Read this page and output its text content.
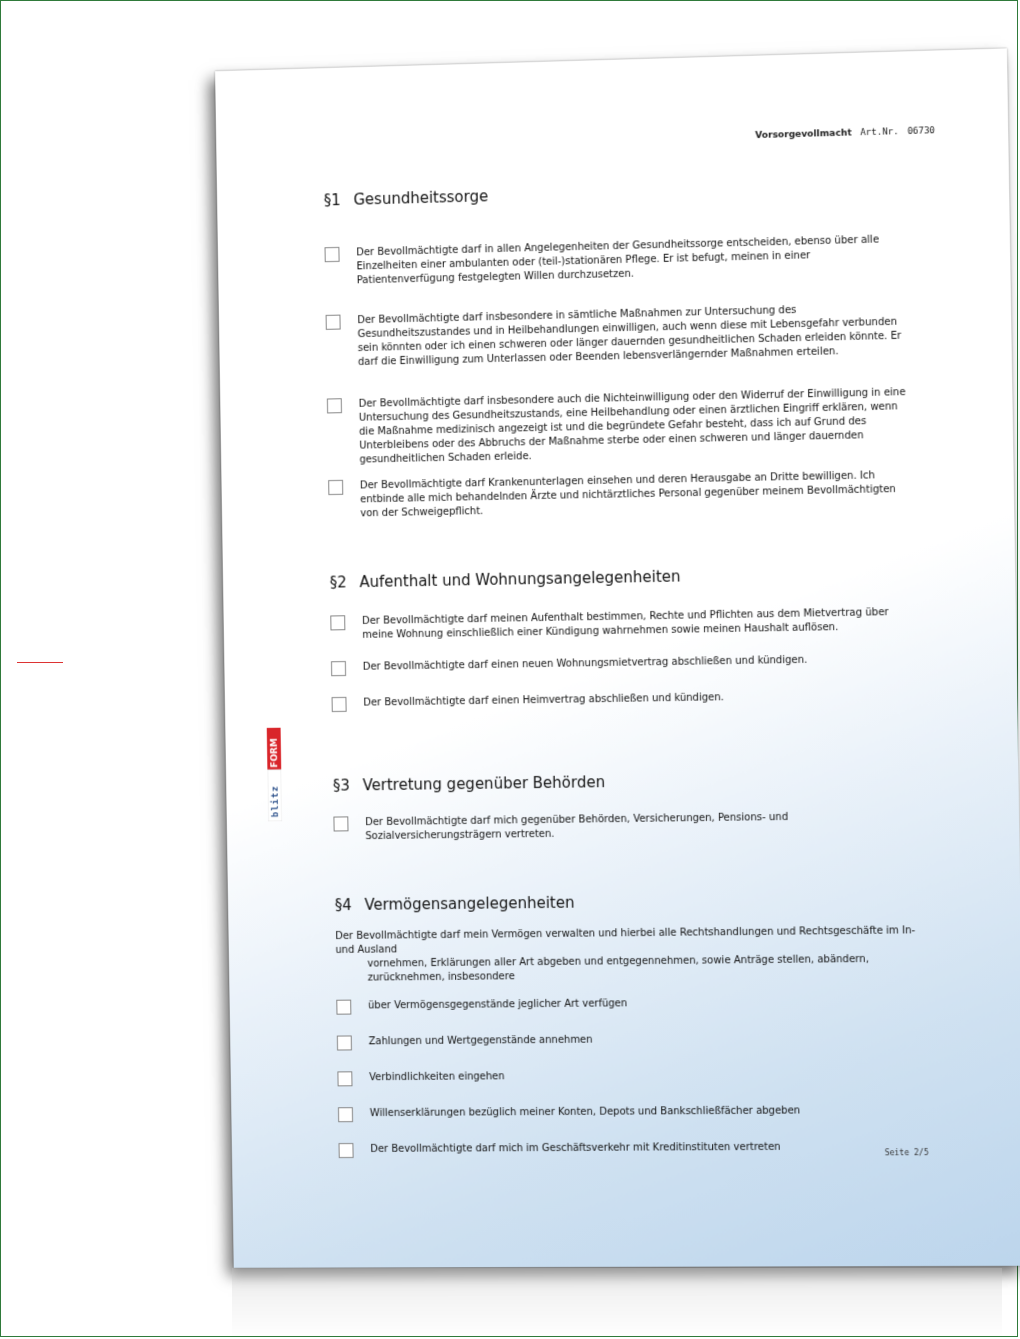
Vorsorgevollmacht Art.Nr. 06730
FORM
blitz
§1 Gesundheitssorge
Der Bevollmächtigte darf in allen Angelegenheiten der Gesundheitssorge entscheiden, ebenso über alle Einzelheiten einer ambulanten oder (teil-)stationären Pflege. Er ist befugt, meinen in einer Patientenverfügung festgelegten Willen durchzusetzen.
Der Bevollmächtigte darf insbesondere in sämtliche Maßnahmen zur Untersuchung des Gesundheitszustandes und in Heilbehandlungen einwilligen, auch wenn diese mit Lebensgefahr verbunden sein könnten oder ich einen schweren oder länger dauernden gesundheitlichen Schaden erleiden könnte. Er darf die Einwilligung zum Unterlassen oder Beenden lebensverlängernder Maßnahmen erteilen.
Der Bevollmächtigte darf insbesondere auch die Nichteinwilligung oder den Widerruf der Einwilligung in eine Untersuchung des Gesundheitszustands, eine Heilbehandlung oder einen ärztlichen Eingriff erklären, wenn die Maßnahme medizinisch angezeigt ist und die begründete Gefahr besteht, dass ich auf Grund des Unterbleibens oder des Abbruchs der Maßnahme sterbe oder einen schweren und länger dauernden gesundheitlichen Schaden erleide.
Der Bevollmächtigte darf Krankenunterlagen einsehen und deren Herausgabe an Dritte bewilligen. Ich entbinde alle mich behandelnden Ärzte und nichtärztliches Personal gegenüber meinem Bevollmächtigten von der Schweigepflicht.
§2 Aufenthalt und Wohnungsangelegenheiten
Der Bevollmächtigte darf meinen Aufenthalt bestimmen, Rechte und Pflichten aus dem Mietvertrag über meine Wohnung einschließlich einer Kündigung wahrnehmen sowie meinen Haushalt auflösen.
Der Bevollmächtigte darf einen neuen Wohnungsmietvertrag abschließen und kündigen.
Der Bevollmächtigte darf einen Heimvertrag abschließen und kündigen.
§3 Vertretung gegenüber Behörden
Der Bevollmächtigte darf mich gegenüber Behörden, Versicherungen, Pensions- und Sozialversicherungsträgern vertreten.
§4 Vermögensangelegenheiten
Der Bevollmächtigte darf mein Vermögen verwalten und hierbei alle Rechtshandlungen und Rechtsgeschäfte im In- und Ausland
vornehmen, Erklärungen aller Art abgeben und entgegennehmen, sowie Anträge stellen, abändern, zurücknehmen, insbesondere
über Vermögensgegenstände jeglicher Art verfügen
Zahlungen und Wertgegenstände annehmen
Verbindlichkeiten eingehen
Willenserklärungen bezüglich meiner Konten, Depots und Bankschließfächer abgeben
Der Bevollmächtigte darf mich im Geschäftsverkehr mit Kreditinstituten vertreten	Seite 2/5
